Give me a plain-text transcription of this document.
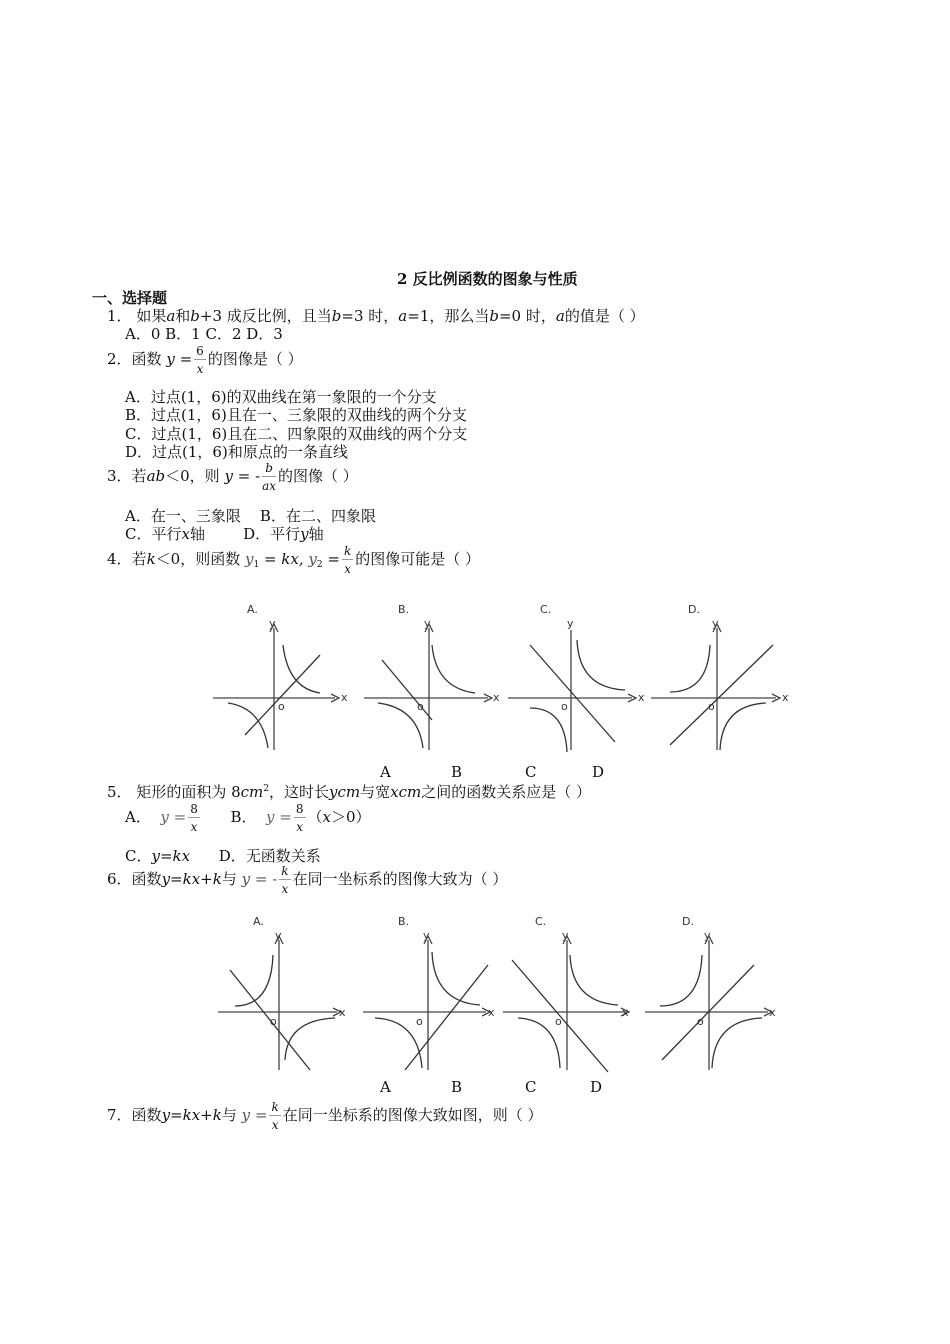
2 反比例函数的图象与性质
一、选择题
1． 如果a和b+3 成反比例，且当b=3 时，a=1，那么当b=0 时，a的值是（ ）
A．0 B．1 C．2 D．3
2．函数 $y = \frac{6}{x}$ 的图像是（ ）
A．过点(1，6)的双曲线在第一象限的一个分支
B．过点(1，6)且在一、三象限的双曲线的两个分支
C．过点(1，6)且在二、四象限的双曲线的两个分支
D．过点(1，6)和原点的一条直线
3．若ab＜0，则 y = - $\frac{b}{ax}$ 的图像（ ）
A．在一、三象限 B．在二、四象限
C．平行x轴	D．平行y轴
4．若k＜0，则函数 $y_1$ = kx, $y_2 = \frac{k}{x}$ 的图像可能是（ ）
A.
y
x
o
B.
y
x
o
C.
y
x
o
D.
y
x
o
A	B	C	D
5． 矩形的面积为 $8cm^2$，这时长ycm与宽xcm之间的函数关系应是（ ）
A． $y = \frac{8}{x}$ B． $y = \frac{8}{x} (x>0)$
C．y=kx D．无函数关系
6．函数y=kx+k与 y = - $\frac{k}{x}$ 在同一坐标系的图像大致为（ ）
A.
y
x
o
B.
y
x
o
C.
y
x
o
D.
y
x
o
A	B	C	D
7．函数y=kx+k与 $y = \frac{k}{x}$ 在同一坐标系的图像大致如图，则（ ）
